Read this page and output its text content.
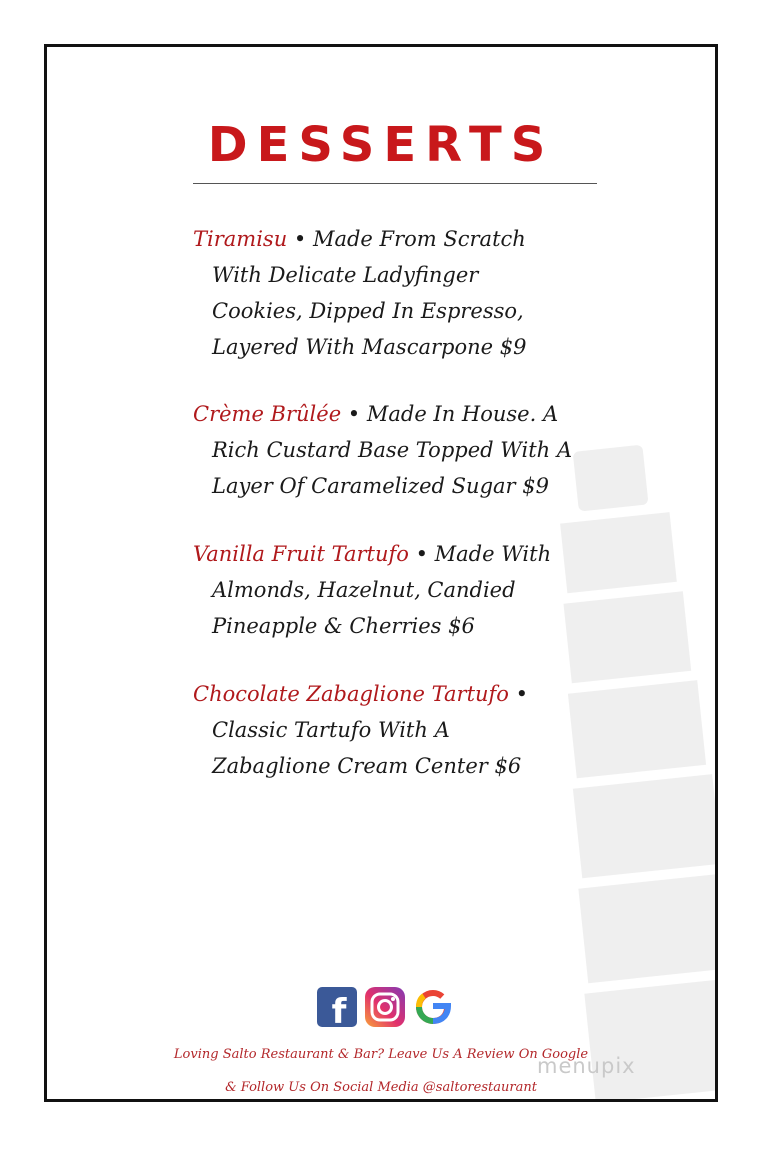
DESSERTS

Tiramisu • Made From Scratch
With Delicate Ladyfinger
Cookies, Dipped In Espresso,
Layered With Mascarpone $9

Crème Brûlée • Made In House. A
Rich Custard Base Topped With A
Layer Of Caramelized Sugar $9

Vanilla Fruit Tartufo • Made With
Almonds, Hazelnut, Candied
Pineapple & Cherries $6

Chocolate Zabaglione Tartufo •
Classic Tartufo With A
Zabaglione Cream Center $6

f
Loving Salto Restaurant & Bar? Leave Us A Review On Google
& Follow Us On Social Media @saltorestaurant
menupix
